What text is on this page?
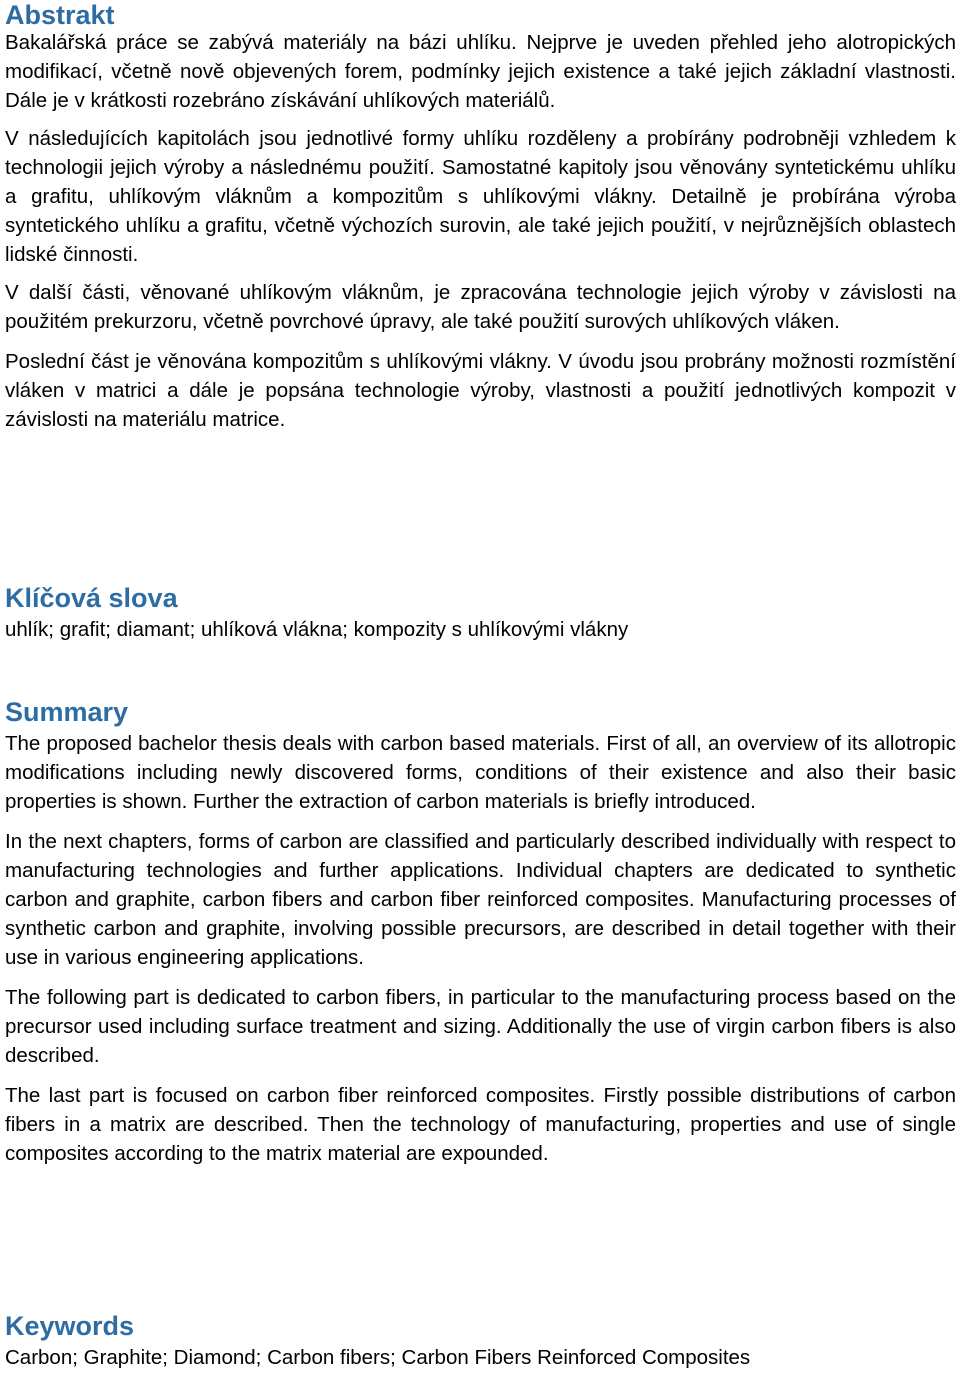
Abstrakt

Bakalářská práce se zabývá materiály na bázi uhlíku. Nejprve je uveden přehled jeho alotropických modifikací, včetně nově objevených forem, podmínky jejich existence a také jejich základní vlastnosti. Dále je v krátkosti rozebráno získávání uhlíkových materiálů.

V následujících kapitolách jsou jednotlivé formy uhlíku rozděleny a probírány podrobněji vzhledem k technologii jejich výroby a následnému použití. Samostatné kapitoly jsou věnovány syntetickému uhlíku a grafitu, uhlíkovým vláknům a kompozitům s uhlíkovými vlákny. Detailně je probírána výroba syntetického uhlíku a grafitu, včetně výchozích surovin, ale také jejich použití, v nejrůznějších oblastech lidské činnosti.

V další části, věnované uhlíkovým vláknům, je zpracována technologie jejich výroby v závislosti na použitém prekurzoru, včetně povrchové úpravy, ale také použití surových uhlíkových vláken.

Poslední část je věnována kompozitům s uhlíkovými vlákny. V úvodu jsou probrány možnosti rozmístění vláken v matrici a dále je popsána technologie výroby, vlastnosti a použití jednotlivých kompozit v závislosti na materiálu matrice.

Klíčová slova

uhlík; grafit; diamant; uhlíková vlákna; kompozity s uhlíkovými vlákny

Summary

The proposed bachelor thesis deals with carbon based materials. First of all, an overview of its allotropic modifications including newly discovered forms, conditions of their existence and also their basic properties is shown. Further the extraction of carbon materials is briefly introduced.

In the next chapters, forms of carbon are classified and particularly described individually with respect to manufacturing technologies and further applications. Individual chapters are dedicated to synthetic carbon and graphite, carbon fibers and carbon fiber reinforced composites. Manufacturing processes of synthetic carbon and graphite, involving possible precursors, are described in detail together with their use in various engineering applications.

The following part is dedicated to carbon fibers, in particular to the manufacturing process based on the precursor used including surface treatment and sizing. Additionally the use of virgin carbon fibers is also described.

The last part is focused on carbon fiber reinforced composites. Firstly possible distributions of carbon fibers in a matrix are described. Then the technology of manufacturing, properties and use of single composites according to the matrix material are expounded.

Keywords

Carbon; Graphite; Diamond; Carbon fibers; Carbon Fibers Reinforced Composites
